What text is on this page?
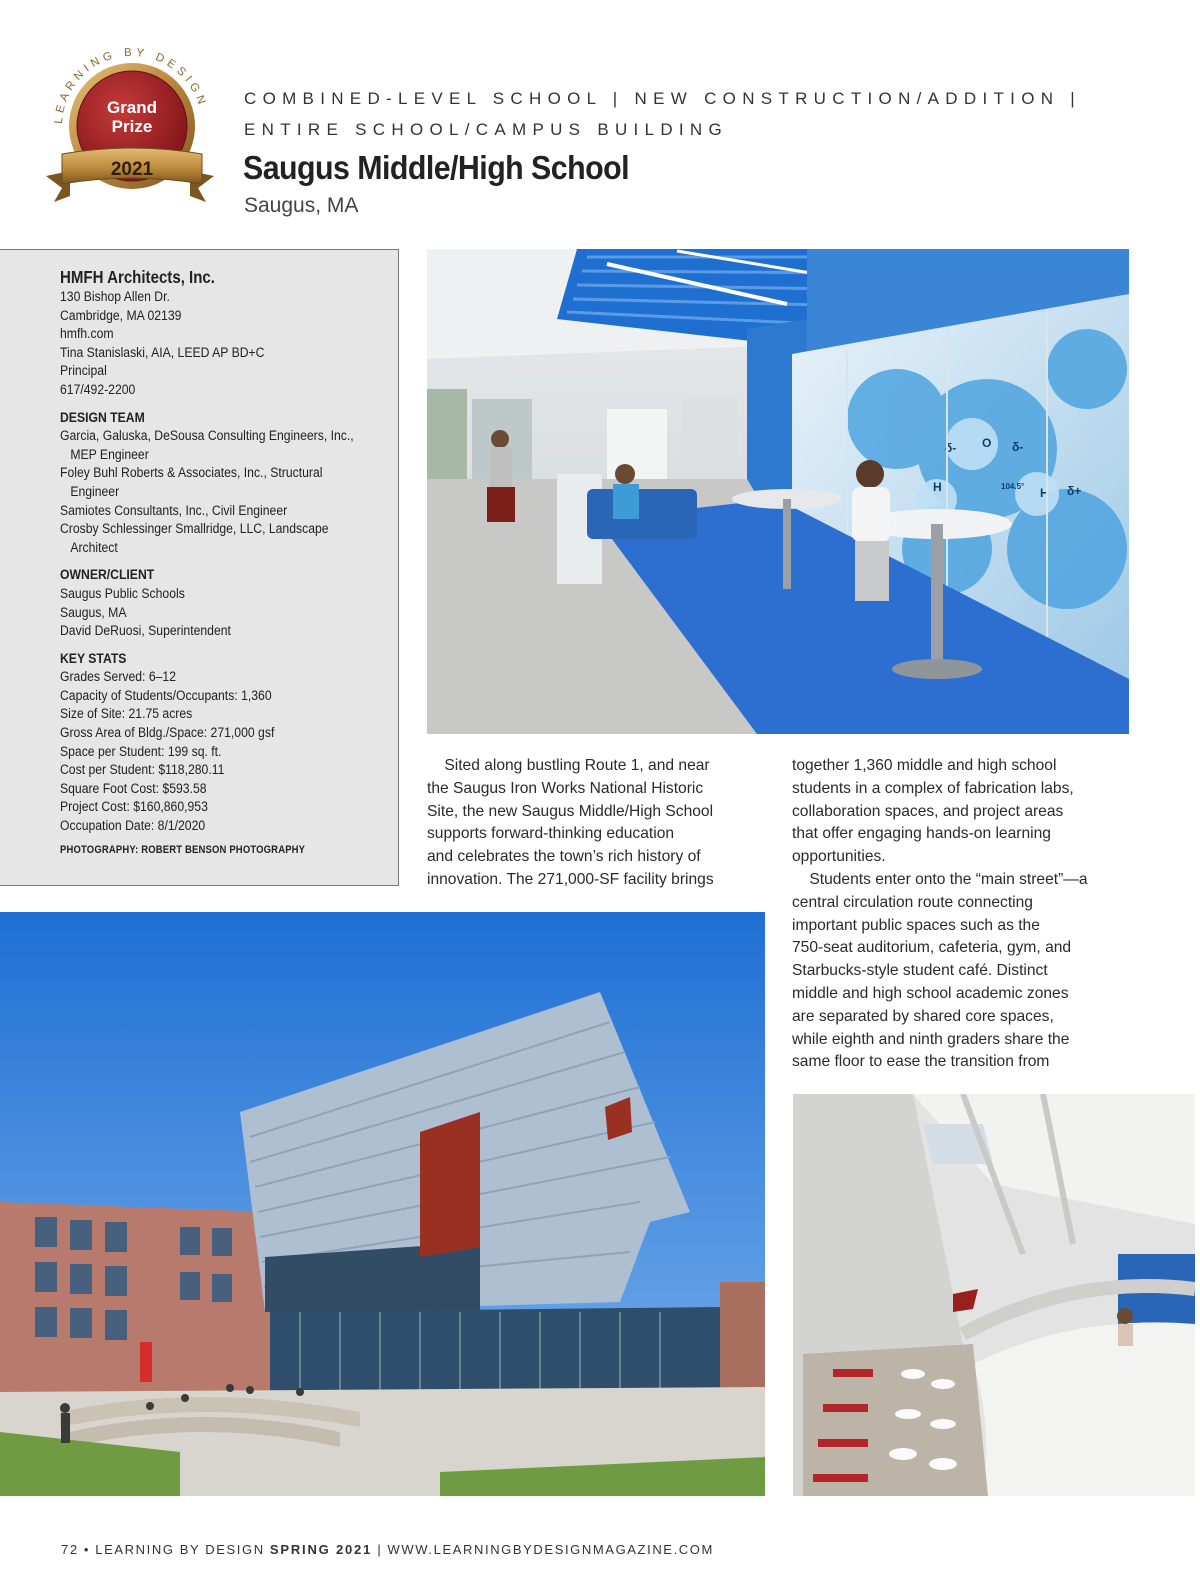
LEARNING BY DESIGN
Grand
Prize
2021
COMBINED-LEVEL SCHOOL | NEW CONSTRUCTION/ADDITION |
ENTIRE SCHOOL/CAMPUS BUILDING
Saugus Middle/High School
Saugus, MA
HMFH Architects, Inc.
130 Bishop Allen Dr.
Cambridge, MA 02139
hmfh.com
Tina Stanislaski, AIA, LEED AP BD+C
Principal
617/492-2200
DESIGN TEAM
Garcia, Galuska, DeSousa Consulting Engineers, Inc.,
MEP Engineer
Foley Buhl Roberts & Associates, Inc., Structural
Engineer
Samiotes Consultants, Inc., Civil Engineer
Crosby Schlessinger Smallridge, LLC, Landscape
Architect
OWNER/CLIENT
Saugus Public Schools
Saugus, MA
David DeRuosi, Superintendent
KEY STATS
Grades Served: 6–12
Capacity of Students/Occupants: 1,360
Size of Site: 21.75 acres
Gross Area of Bldg./Space: 271,000 gsf
Space per Student: 199 sq. ft.
Cost per Student: $118,280.11
Square Foot Cost: $593.58
Project Cost: $160,860,953
Occupation Date: 8/1/2020
PHOTOGRAPHY: ROBERT BENSON PHOTOGRAPHY
δ- O δ-
H	H δ+
104.5°
Sited along bustling Route 1, and near
the Saugus Iron Works National Historic
Site, the new Saugus Middle/High School
supports forward-thinking education
and celebrates the town’s rich history of
innovation. The 271,000-SF facility brings
together 1,360 middle and high school
students in a complex of fabrication labs,
collaboration spaces, and project areas
that offer engaging hands-on learning
opportunities.
Students enter onto the “main street”—a
central circulation route connecting
important public spaces such as the
750-seat auditorium, cafeteria, gym, and
Starbucks-style student café. Distinct
middle and high school academic zones
are separated by shared core spaces,
while eighth and ninth graders share the
same floor to ease the transition from
72 • LEARNING BY DESIGN SPRING 2021 | WWW.LEARNINGBYDESIGNMAGAZINE.COM
